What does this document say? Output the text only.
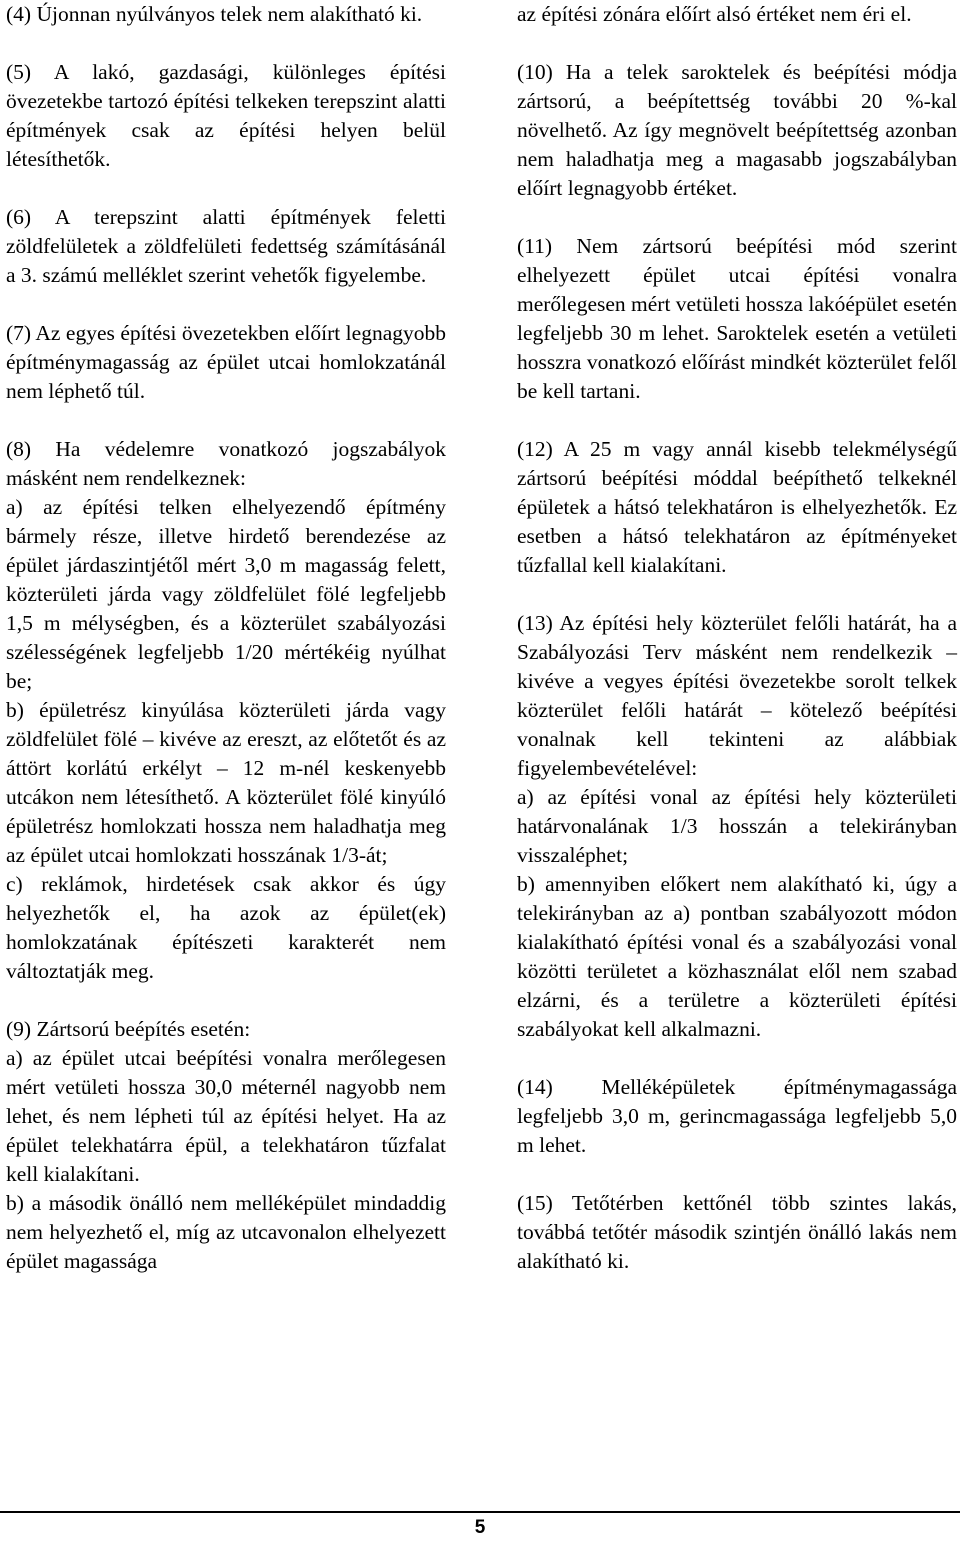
(4) Újonnan nyúlványos telek nem alakítható ki.

(5) A lakó, gazdasági, különleges építési övezetekbe tartozó építési telkeken terepszint alatti építmények csak az építési helyen belül létesíthetők.

(6) A terepszint alatti építmények feletti zöldfelületek a zöldfelületi fedettség számításánál a 3. számú melléklet szerint vehetők figyelembe.

(7) Az egyes építési övezetekben előírt legnagyobb építménymagasság az épület utcai homlokzatánál nem léphető túl.

(8) Ha védelemre vonatkozó jogszabályok másként nem rendelkeznek:

a) az építési telken elhelyezendő építmény bármely része, illetve hirdető berendezése az épület járdaszintjétől mért 3,0 m magasság felett, közterületi járda vagy zöldfelület fölé legfeljebb 1,5 m mélységben, és a közterület szabályozási szélességének legfeljebb 1/20 mértékéig nyúlhat be;

b) épületrész kinyúlása közterületi járda vagy zöldfelület fölé – kivéve az ereszt, az előtetőt és az áttört korlátú erkélyt – 12 m-nél keskenyebb utcákon nem létesíthető. A közterület fölé kinyúló épületrész homlokzati hossza nem haladhatja meg az épület utcai homlokzati hosszának 1/3-át;

c) reklámok, hirdetések csak akkor és úgy helyezhetők el, ha azok az épület(ek) homlokzatának építészeti karakterét nem változtatják meg.

(9) Zártsorú beépítés esetén:

a) az épület utcai beépítési vonalra merőlegesen mért vetületi hossza 30,0 méternél nagyobb nem lehet, és nem lépheti túl az építési helyet. Ha az épület telekhatárra épül, a telekhatáron tűzfalat kell kialakítani.

b) a második önálló nem melléképület mindaddig nem helyezhető el, míg az utcavonalon elhelyezett épület magassága

az építési zónára előírt alsó értéket nem éri el.

(10) Ha a telek saroktelek és beépítési módja zártsorú, a beépítettség további 20 %-kal növelhető. Az így megnövelt beépítettség azonban nem haladhatja meg a magasabb jogszabályban előírt legnagyobb értéket.

(11) Nem zártsorú beépítési mód szerint elhelyezett épület utcai építési vonalra merőlegesen mért vetületi hossza lakóépület esetén legfeljebb 30 m lehet. Saroktelek esetén a vetületi hosszra vonatkozó előírást mindkét közterület felől be kell tartani.

(12) A 25 m vagy annál kisebb telekmélységű zártsorú beépítési móddal beépíthető telkeknél épületek a hátsó telekhatáron is elhelyezhetők. Ez esetben a hátsó telekhatáron az építményeket tűzfallal kell kialakítani.

(13) Az építési hely közterület felőli határát, ha a Szabályozási Terv másként nem rendelkezik – kivéve a vegyes építési övezetekbe sorolt telkek közterület felőli határát – kötelező beépítési vonalnak kell tekinteni az alábbiak figyelembevételével:

a) az építési vonal az építési hely közterületi határvonalának 1/3 hosszán a telekirányban visszaléphet;

b) amennyiben előkert nem alakítható ki, úgy a telekirányban az a) pontban szabályozott módon kialakítható építési vonal és a szabályozási vonal közötti területet a közhasználat elől nem szabad elzárni, és a területre a közterületi építési szabályokat kell alkalmazni.

(14) Melléképületek építménymagassága legfeljebb 3,0 m, gerincmagassága legfeljebb 5,0 m lehet.

(15) Tetőtérben kettőnél több szintes lakás, továbbá tetőtér második szintjén önálló lakás nem alakítható ki.

5
